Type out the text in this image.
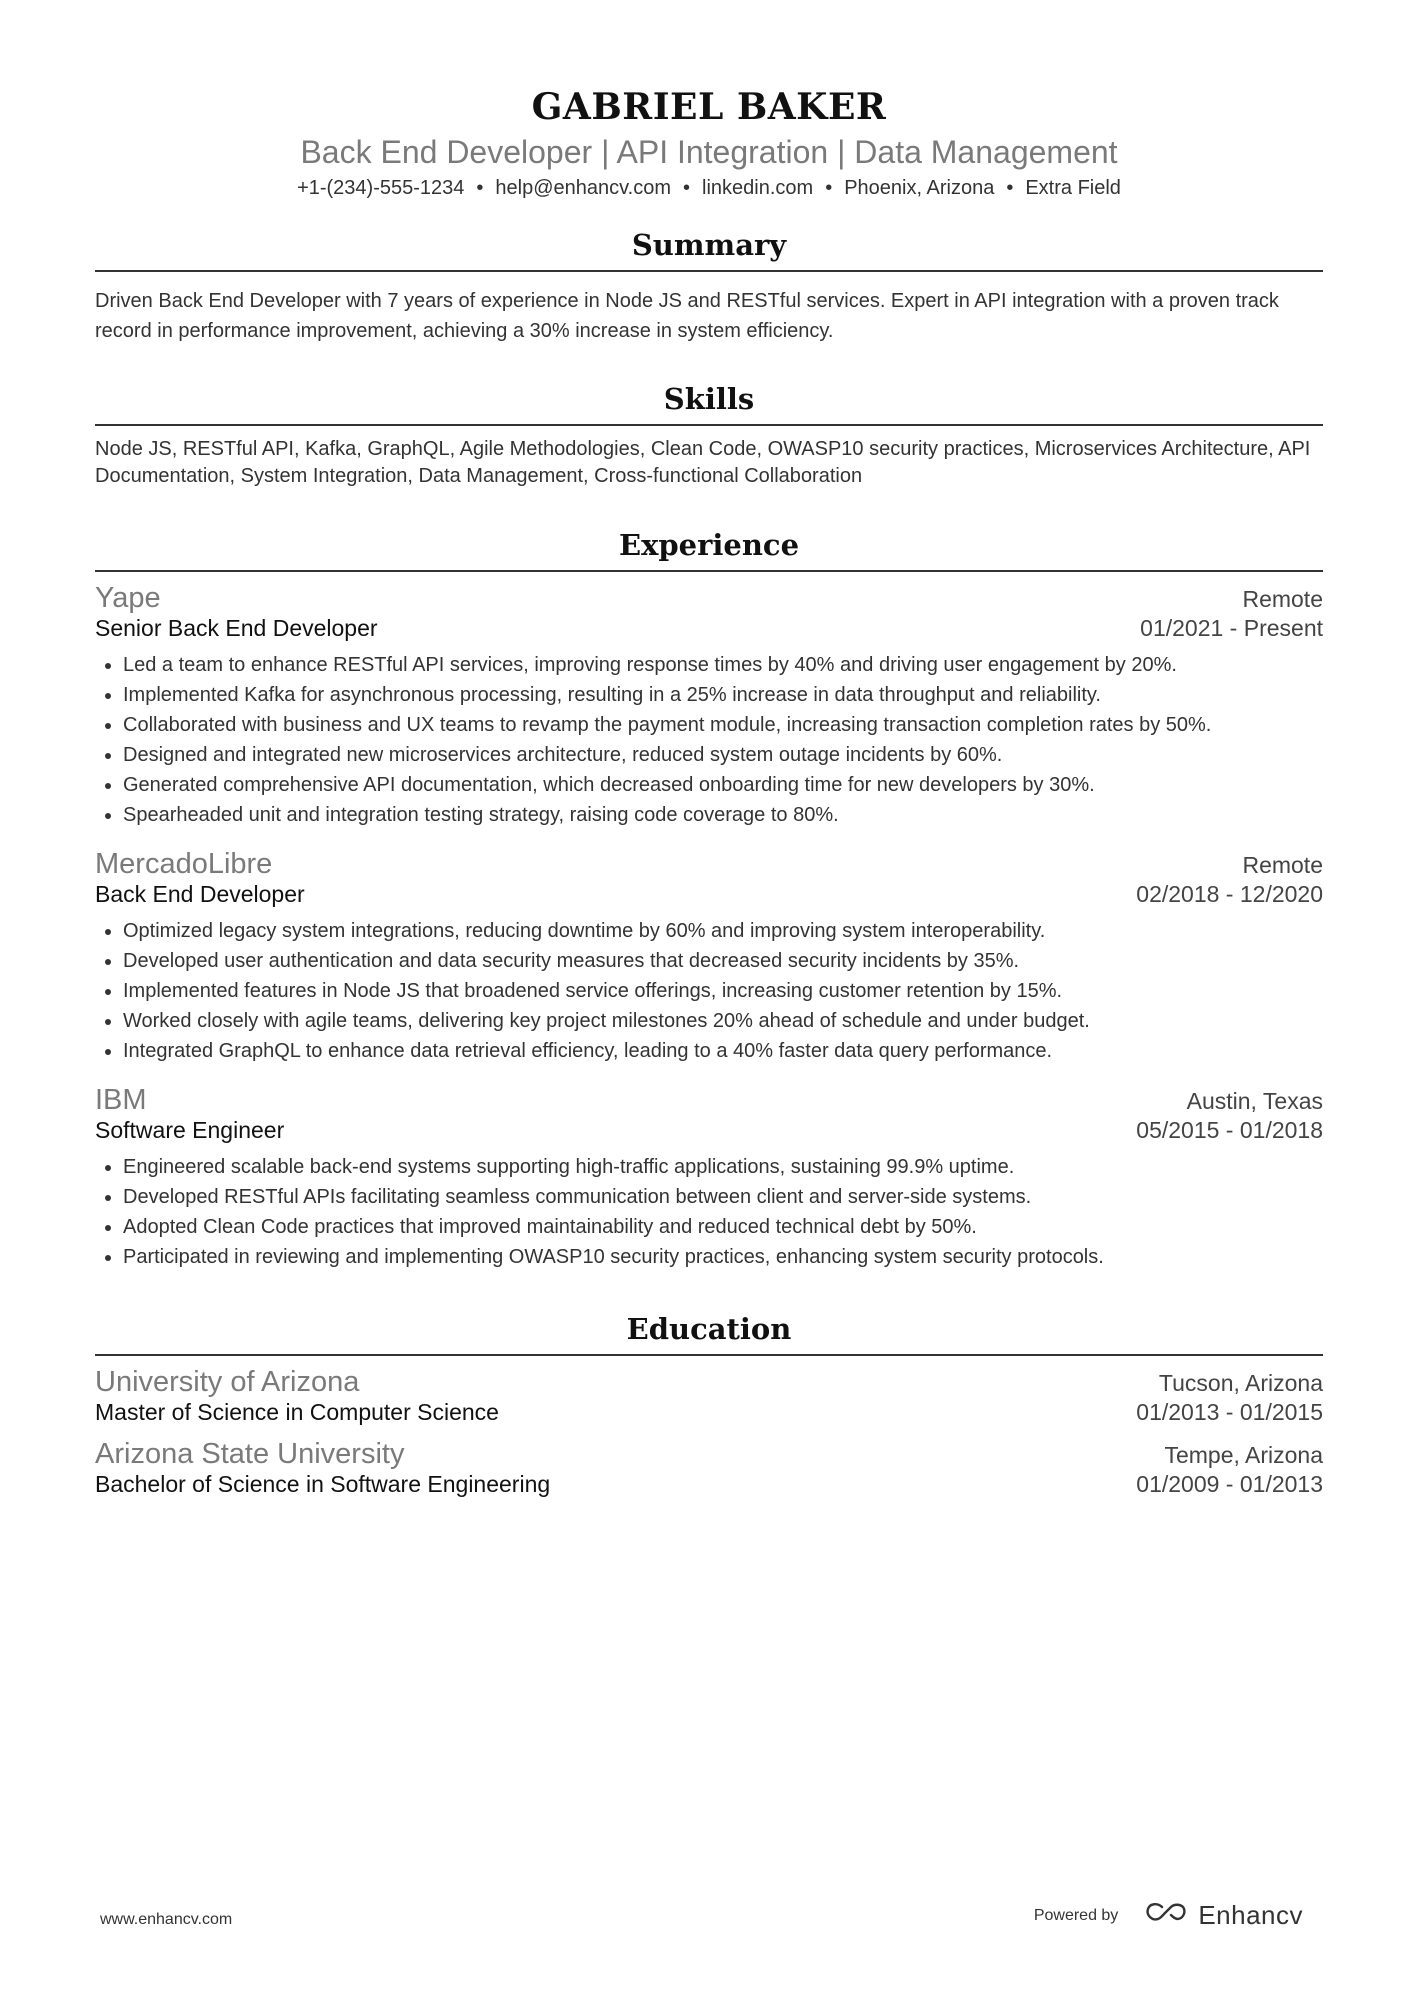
GABRIEL BAKER
Back End Developer | API Integration | Data Management
+1-(234)-555-1234 • help@enhancv.com • linkedin.com • Phoenix, Arizona • Extra Field
Summary
Driven Back End Developer with 7 years of experience in Node JS and RESTful services. Expert in API integration with a proven track record in performance improvement, achieving a 30% increase in system efficiency.
Skills
Node JS, RESTful API, Kafka, GraphQL, Agile Methodologies, Clean Code, OWASP10 security practices, Microservices Architecture, API Documentation, System Integration, Data Management, Cross-functional Collaboration
Experience
Yape	Remote
Senior Back End Developer	01/2021 - Present
• Led a team to enhance RESTful API services, improving response times by 40% and driving user engagement by 20%.
• Implemented Kafka for asynchronous processing, resulting in a 25% increase in data throughput and reliability.
• Collaborated with business and UX teams to revamp the payment module, increasing transaction completion rates by 50%.
• Designed and integrated new microservices architecture, reduced system outage incidents by 60%.
• Generated comprehensive API documentation, which decreased onboarding time for new developers by 30%.
• Spearheaded unit and integration testing strategy, raising code coverage to 80%.
MercadoLibre	Remote
Back End Developer	02/2018 - 12/2020
• Optimized legacy system integrations, reducing downtime by 60% and improving system interoperability.
• Developed user authentication and data security measures that decreased security incidents by 35%.
• Implemented features in Node JS that broadened service offerings, increasing customer retention by 15%.
• Worked closely with agile teams, delivering key project milestones 20% ahead of schedule and under budget.
• Integrated GraphQL to enhance data retrieval efficiency, leading to a 40% faster data query performance.
IBM	Austin, Texas
Software Engineer	05/2015 - 01/2018
• Engineered scalable back-end systems supporting high-traffic applications, sustaining 99.9% uptime.
• Developed RESTful APIs facilitating seamless communication between client and server-side systems.
• Adopted Clean Code practices that improved maintainability and reduced technical debt by 50%.
• Participated in reviewing and implementing OWASP10 security practices, enhancing system security protocols.
Education
University of Arizona	Tucson, Arizona
Master of Science in Computer Science	01/2013 - 01/2015
Arizona State University	Tempe, Arizona
Bachelor of Science in Software Engineering	01/2009 - 01/2013
www.enhancv.com	Powered by	Enhancv
